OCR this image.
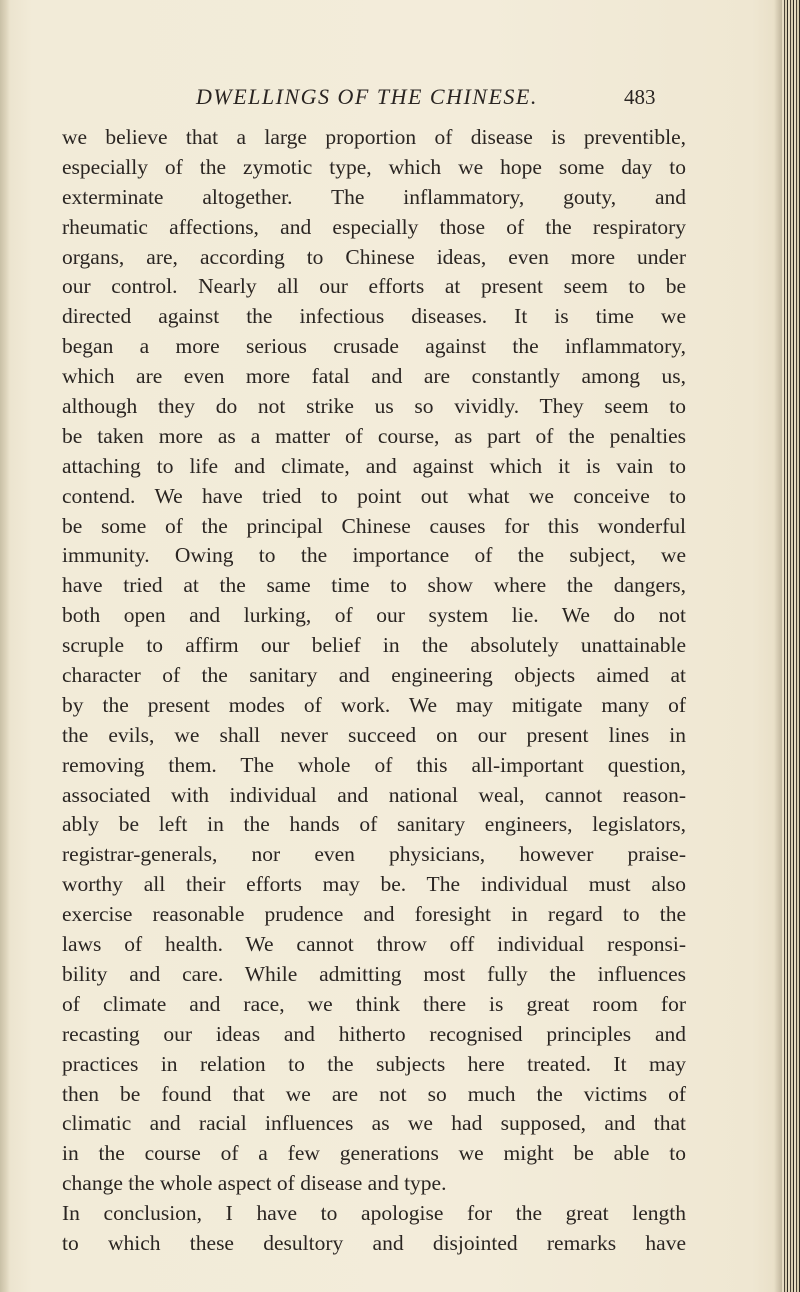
DWELLINGS OF THE CHINESE.	483
we believe that a large proportion of disease is preventible,
especially of the zymotic type, which we hope some day to
exterminate altogether. The inflammatory, gouty, and
rheumatic affections, and especially those of the respiratory
organs, are, according to Chinese ideas, even more under
our control. Nearly all our efforts at present seem to be
directed against the infectious diseases. It is time we
began a more serious crusade against the inflammatory,
which are even more fatal and are constantly among us,
although they do not strike us so vividly. They seem to
be taken more as a matter of course, as part of the penalties
attaching to life and climate, and against which it is vain to
contend. We have tried to point out what we conceive to
be some of the principal Chinese causes for this wonderful
immunity. Owing to the importance of the subject, we
have tried at the same time to show where the dangers,
both open and lurking, of our system lie. We do not
scruple to affirm our belief in the absolutely unattainable
character of the sanitary and engineering objects aimed at
by the present modes of work. We may mitigate many of
the evils, we shall never succeed on our present lines in
removing them. The whole of this all-important question,
associated with individual and national weal, cannot reason-
ably be left in the hands of sanitary engineers, legislators,
registrar-generals, nor even physicians, however praise-
worthy all their efforts may be. The individual must also
exercise reasonable prudence and foresight in regard to the
laws of health. We cannot throw off individual responsi-
bility and care. While admitting most fully the influences
of climate and race, we think there is great room for
recasting our ideas and hitherto recognised principles and
practices in relation to the subjects here treated. It may
then be found that we are not so much the victims of
climatic and racial influences as we had supposed, and that
in the course of a few generations we might be able to
change the whole aspect of disease and type.
In conclusion, I have to apologise for the great length
to which these desultory and disjointed remarks have
